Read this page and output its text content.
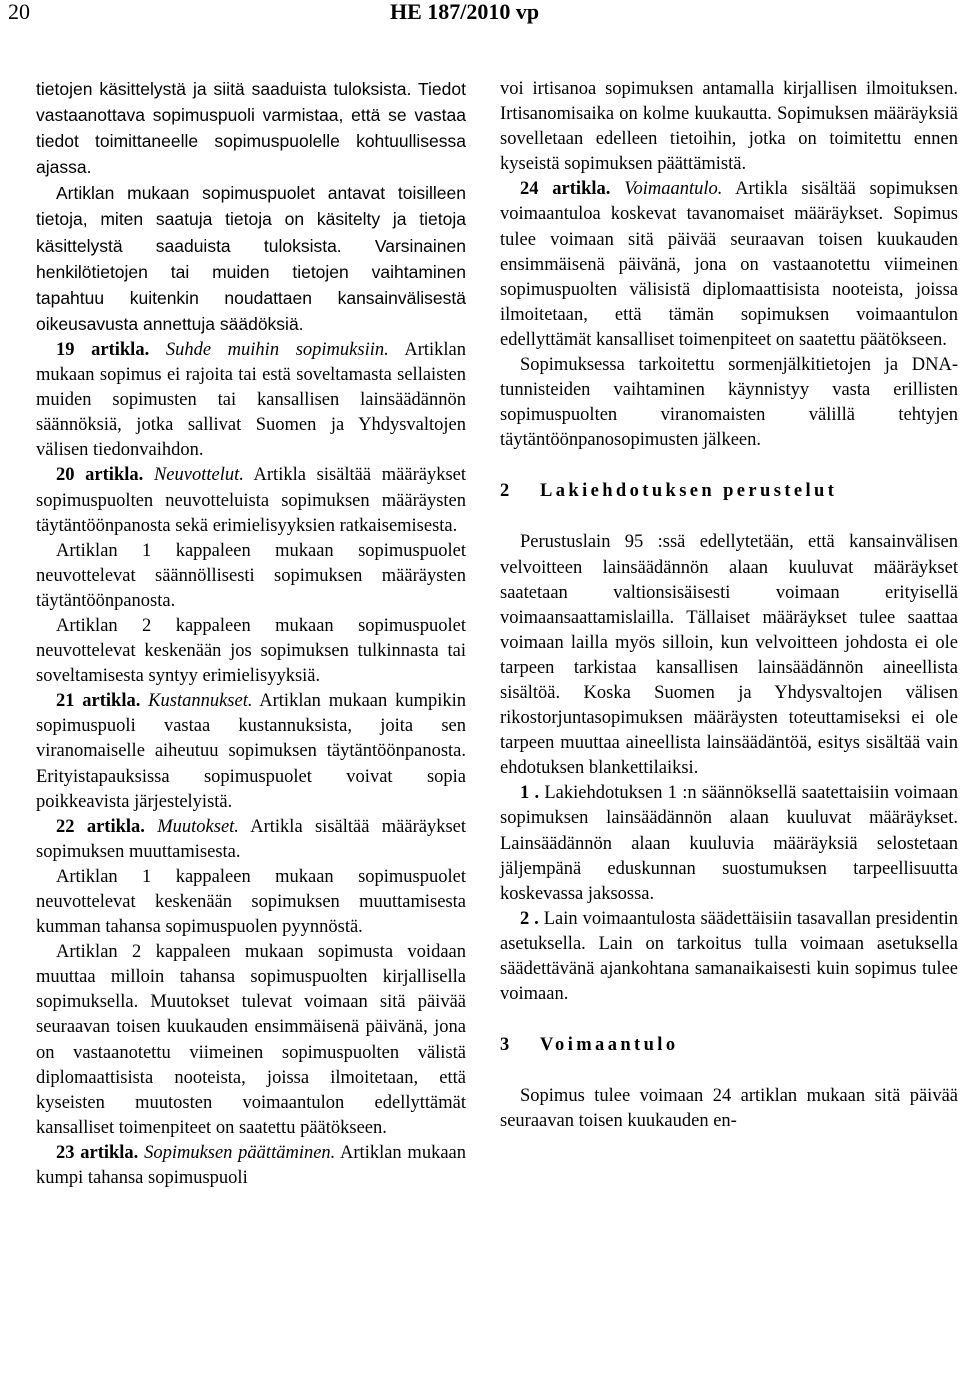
20	HE 187/2010 vp

tietojen käsittelystä ja siitä saaduista tuloksista. Tiedot vastaanottava sopimuspuoli varmistaa, että se vastaa tiedot toimittaneelle sopimuspuolelle kohtuullisessa ajassa.

Artiklan mukaan sopimuspuolet antavat toisilleen tietoja, miten saatuja tietoja on käsitelty ja tietoja käsittelystä saaduista tuloksista. Varsinainen henkilötietojen tai muiden tietojen vaihtaminen tapahtuu kuitenkin noudattaen kansainvälisestä oikeusavusta annettuja säädöksiä.

19 artikla. Suhde muihin sopimuksiin. Artiklan mukaan sopimus ei rajoita tai estä soveltamasta sellaisten muiden sopimusten tai kansallisen lainsäädännön säännöksiä, jotka sallivat Suomen ja Yhdysvaltojen välisen tiedonvaihdon.

20 artikla. Neuvottelut. Artikla sisältää määräykset sopimuspuolten neuvotteluista sopimuksen määräysten täytäntöönpanosta sekä erimielisyyksien ratkaisemisesta.

Artiklan 1 kappaleen mukaan sopimuspuolet neuvottelevat säännöllisesti sopimuksen määräysten täytäntöönpanosta.

Artiklan 2 kappaleen mukaan sopimuspuolet neuvottelevat keskenään jos sopimuksen tulkinnasta tai soveltamisesta syntyy erimielisyyksiä.

21 artikla. Kustannukset. Artiklan mukaan kumpikin sopimuspuoli vastaa kustannuksista, joita sen viranomaiselle aiheutuu sopimuksen täytäntöönpanosta. Erityistapauksissa sopimuspuolet voivat sopia poikkeavista järjestelyistä.

22 artikla. Muutokset. Artikla sisältää määräykset sopimuksen muuttamisesta.

Artiklan 1 kappaleen mukaan sopimuspuolet neuvottelevat keskenään sopimuksen muuttamisesta kumman tahansa sopimuspuolen pyynnöstä.

Artiklan 2 kappaleen mukaan sopimusta voidaan muuttaa milloin tahansa sopimuspuolten kirjallisella sopimuksella. Muutokset tulevat voimaan sitä päivää seuraavan toisen kuukauden ensimmäisenä päivänä, jona on vastaanotettu viimeinen sopimuspuolten välistä diplomaattisista nooteista, joissa ilmoitetaan, että kyseisten muutosten voimaantulon edellyttämät kansalliset toimenpiteet on saatettu päätökseen.

23 artikla. Sopimuksen päättäminen. Artiklan mukaan kumpi tahansa sopimuspuoli

voi irtisanoa sopimuksen antamalla kirjallisen ilmoituksen. Irtisanomisaika on kolme kuukautta. Sopimuksen määräyksiä sovelletaan edelleen tietoihin, jotka on toimitettu ennen kyseistä sopimuksen päättämistä.

24 artikla. Voimaantulo. Artikla sisältää sopimuksen voimaantuloa koskevat tavanomaiset määräykset. Sopimus tulee voimaan sitä päivää seuraavan toisen kuukauden ensimmäisenä päivänä, jona on vastaanotettu viimeinen sopimuspuolten välisistä diplomaattisista nooteista, joissa ilmoitetaan, että tämän sopimuksen voimaantulon edellyttämät kansalliset toimenpiteet on saatettu päätökseen.

Sopimuksessa tarkoitettu sormenjälkitietojen ja DNA-tunnisteiden vaihtaminen käynnistyy vasta erillisten sopimuspuolten viranomaisten välillä tehtyjen täytäntöönpanosopimusten jälkeen.

2 Lakiehdotuksen perustelut

Perustuslain 95 :ssä edellytetään, että kansainvälisen velvoitteen lainsäädännön alaan kuuluvat määräykset saatetaan valtionsisäisesti voimaan erityisellä voimaansaattamislailla. Tällaiset määräykset tulee saattaa voimaan lailla myös silloin, kun velvoitteen johdosta ei ole tarpeen tarkistaa kansallisen lainsäädännön aineellista sisältöä. Koska Suomen ja Yhdysvaltojen välisen rikostorjuntasopimuksen määräysten toteuttamiseksi ei ole tarpeen muuttaa aineellista lainsäädäntöä, esitys sisältää vain ehdotuksen blankettilaiksi.

1 . Lakiehdotuksen 1 :n säännöksellä saatettaisiin voimaan sopimuksen lainsäädännön alaan kuuluvat määräykset. Lainsäädännön alaan kuuluvia määräyksiä selostetaan jäljempänä eduskunnan suostumuksen tarpeellisuutta koskevassa jaksossa.

2 . Lain voimaantulosta säädettäisiin tasavallan presidentin asetuksella. Lain on tarkoitus tulla voimaan asetuksella säädettävänä ajankohtana samanaikaisesti kuin sopimus tulee voimaan.

3 Voimaantulo

Sopimus tulee voimaan 24 artiklan mukaan sitä päivää seuraavan toisen kuukauden en-
